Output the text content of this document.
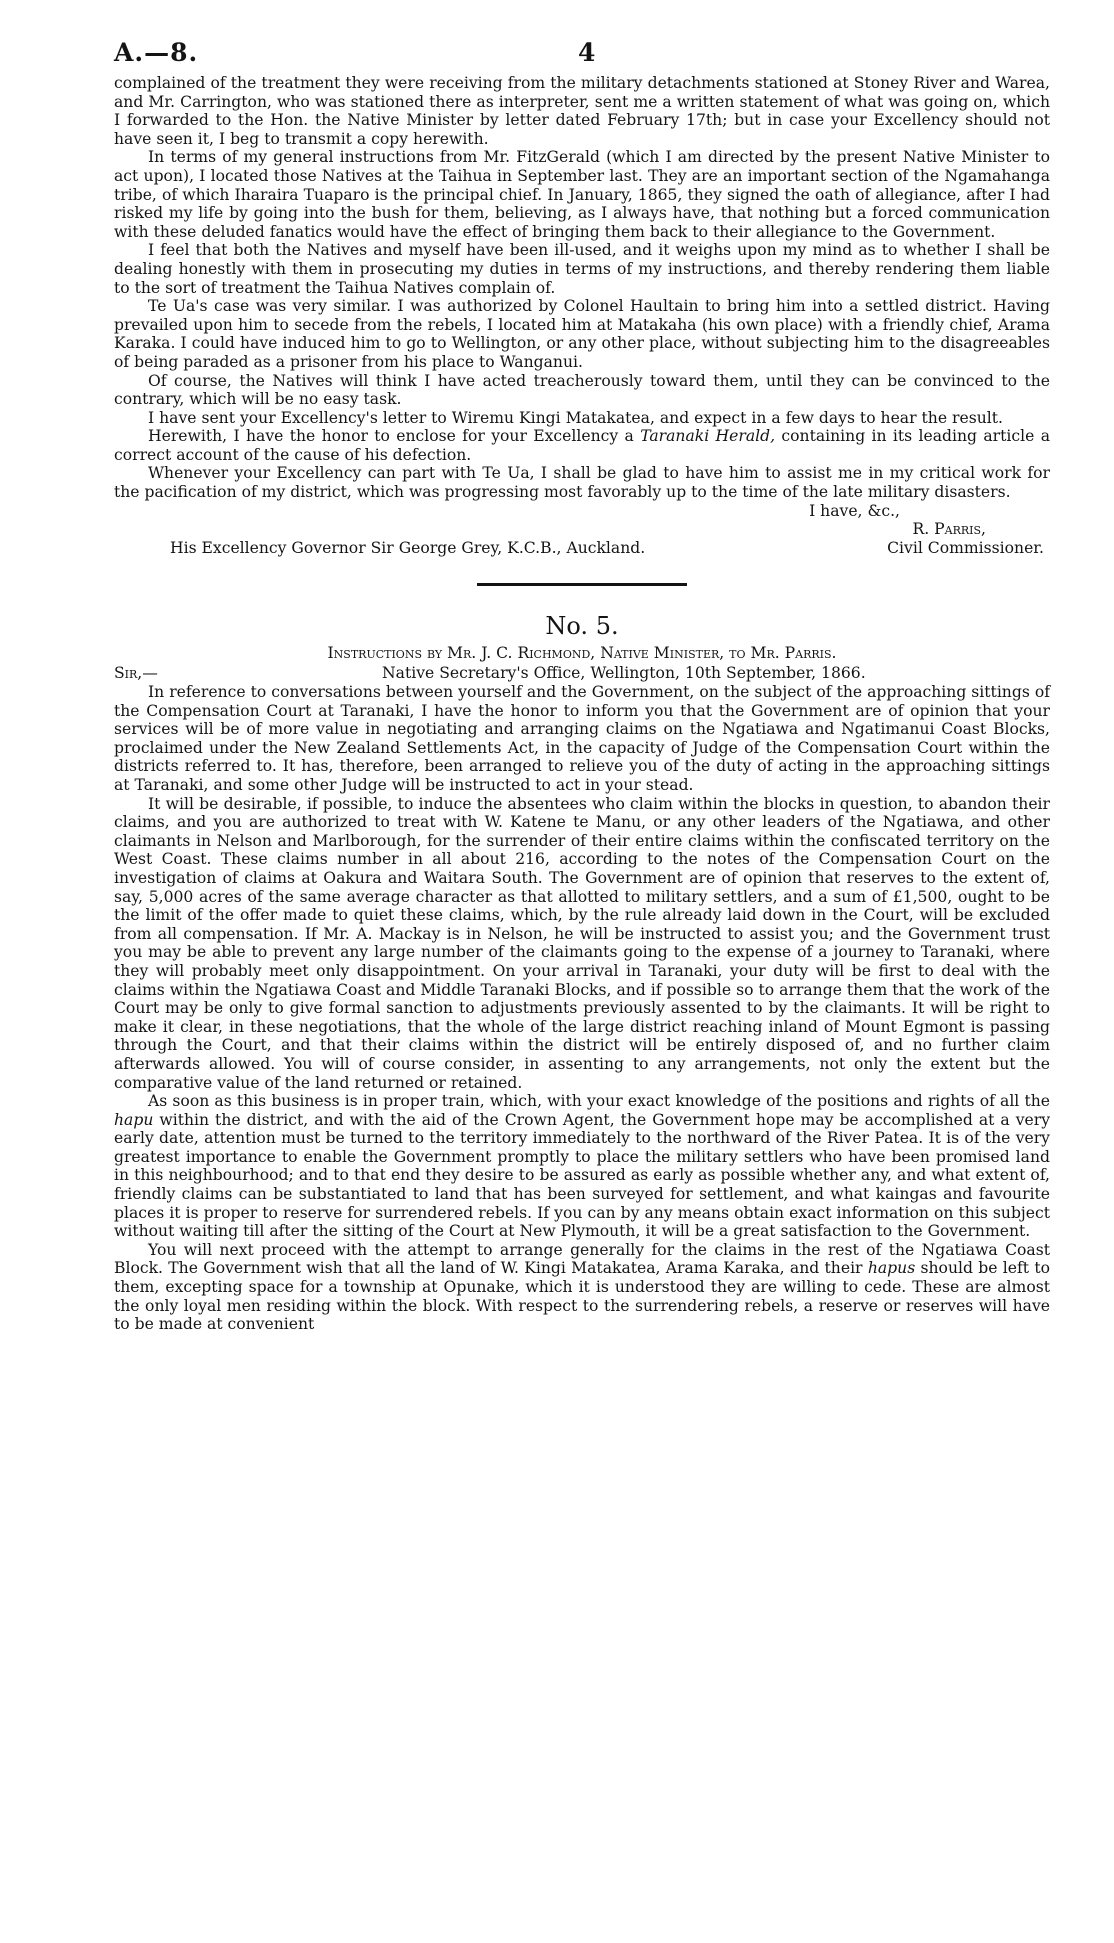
A.—8.	4

complained of the treatment they were receiving from the military detachments stationed at Stoney River and Warea, and Mr. Carrington, who was stationed there as interpreter, sent me a written statement of what was going on, which I forwarded to the Hon. the Native Minister by letter dated February 17th; but in case your Excellency should not have seen it, I beg to transmit a copy herewith.

In terms of my general instructions from Mr. FitzGerald (which I am directed by the present Native Minister to act upon), I located those Natives at the Taihua in September last. They are an important section of the Ngamahanga tribe, of which Iharaira Tuaparo is the principal chief. In January, 1865, they signed the oath of allegiance, after I had risked my life by going into the bush for them, believing, as I always have, that nothing but a forced communication with these deluded fanatics would have the effect of bringing them back to their allegiance to the Government.

I feel that both the Natives and myself have been ill-used, and it weighs upon my mind as to whether I shall be dealing honestly with them in prosecuting my duties in terms of my instructions, and thereby rendering them liable to the sort of treatment the Taihua Natives complain of.

Te Ua's case was very similar. I was authorized by Colonel Haultain to bring him into a settled district. Having prevailed upon him to secede from the rebels, I located him at Matakaha (his own place) with a friendly chief, Arama Karaka. I could have induced him to go to Wellington, or any other place, without subjecting him to the disagreeables of being paraded as a prisoner from his place to Wanganui.

Of course, the Natives will think I have acted treacherously toward them, until they can be convinced to the contrary, which will be no easy task.

I have sent your Excellency's letter to Wiremu Kingi Matakatea, and expect in a few days to hear the result.

Herewith, I have the honor to enclose for your Excellency a Taranaki Herald, containing in its leading article a correct account of the cause of his defection.

Whenever your Excellency can part with Te Ua, I shall be glad to have him to assist me in my critical work for the pacification of my district, which was progressing most favorably up to the time of the late military disasters.

I have, &c.,
R. Parris,
His Excellency Governor Sir George Grey, K.C.B., Auckland.	Civil Commissioner.
No. 5.
Instructions by Mr. J. C. Richmond, Native Minister, to Mr. Parris.
Sir,—	Native Secretary's Office, Wellington, 10th September, 1866.

In reference to conversations between yourself and the Government, on the subject of the approaching sittings of the Compensation Court at Taranaki, I have the honor to inform you that the Government are of opinion that your services will be of more value in negotiating and arranging claims on the Ngatiawa and Ngatimanui Coast Blocks, proclaimed under the New Zealand Settlements Act, in the capacity of Judge of the Compensation Court within the districts referred to. It has, therefore, been arranged to relieve you of the duty of acting in the approaching sittings at Taranaki, and some other Judge will be instructed to act in your stead.

It will be desirable, if possible, to induce the absentees who claim within the blocks in question, to abandon their claims, and you are authorized to treat with W. Katene te Manu, or any other leaders of the Ngatiawa, and other claimants in Nelson and Marlborough, for the surrender of their entire claims within the confiscated territory on the West Coast. These claims number in all about 216, according to the notes of the Compensation Court on the investigation of claims at Oakura and Waitara South. The Government are of opinion that reserves to the extent of, say, 5,000 acres of the same average character as that allotted to military settlers, and a sum of £1,500, ought to be the limit of the offer made to quiet these claims, which, by the rule already laid down in the Court, will be excluded from all compensation. If Mr. A. Mackay is in Nelson, he will be instructed to assist you; and the Government trust you may be able to prevent any large number of the claimants going to the expense of a journey to Taranaki, where they will probably meet only disappointment. On your arrival in Taranaki, your duty will be first to deal with the claims within the Ngatiawa Coast and Middle Taranaki Blocks, and if possible so to arrange them that the work of the Court may be only to give formal sanction to adjustments previously assented to by the claimants. It will be right to make it clear, in these negotiations, that the whole of the large district reaching inland of Mount Egmont is passing through the Court, and that their claims within the district will be entirely disposed of, and no further claim afterwards allowed. You will of course consider, in assenting to any arrangements, not only the extent but the comparative value of the land returned or retained.

As soon as this business is in proper train, which, with your exact knowledge of the positions and rights of all the hapu within the district, and with the aid of the Crown Agent, the Government hope may be accomplished at a very early date, attention must be turned to the territory immediately to the northward of the River Patea. It is of the very greatest importance to enable the Government promptly to place the military settlers who have been promised land in this neighbourhood; and to that end they desire to be assured as early as possible whether any, and what extent of, friendly claims can be substantiated to land that has been surveyed for settlement, and what kaingas and favourite places it is proper to reserve for surrendered rebels. If you can by any means obtain exact information on this subject without waiting till after the sitting of the Court at New Plymouth, it will be a great satisfaction to the Government.

You will next proceed with the attempt to arrange generally for the claims in the rest of the Ngatiawa Coast Block. The Government wish that all the land of W. Kingi Matakatea, Arama Karaka, and their hapus should be left to them, excepting space for a township at Opunake, which it is understood they are willing to cede. These are almost the only loyal men residing within the block. With respect to the surrendering rebels, a reserve or reserves will have to be made at convenient
